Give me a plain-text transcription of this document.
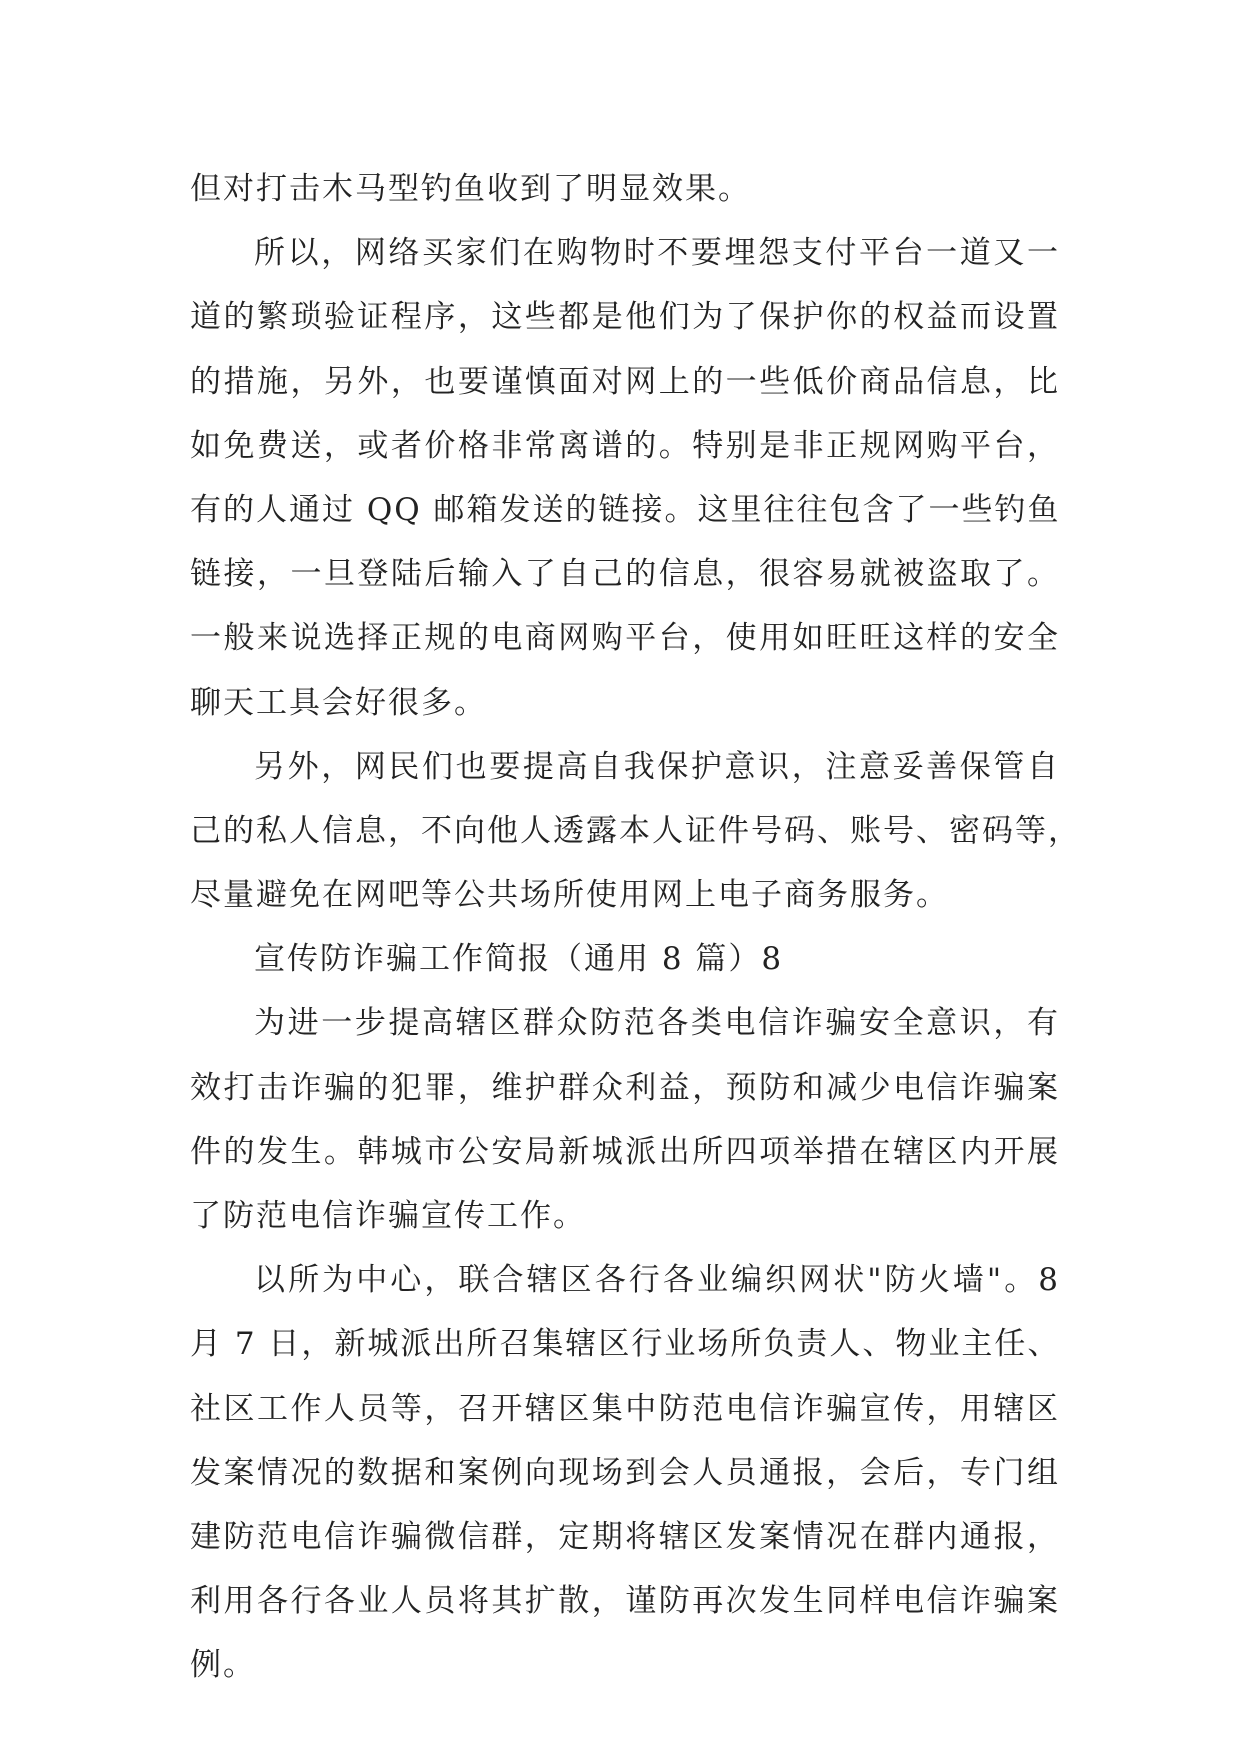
但对打击木马型钓鱼收到了明显效果。
所以，网络买家们在购物时不要埋怨支付平台一道又一
道的繁琐验证程序，这些都是他们为了保护你的权益而设置
的措施，另外，也要谨慎面对网上的一些低价商品信息，比
如免费送，或者价格非常离谱的。特别是非正规网购平台，
有的人通过 QQ 邮箱发送的链接。这里往往包含了一些钓鱼
链接，一旦登陆后输入了自己的信息，很容易就被盗取了。
一般来说选择正规的电商网购平台，使用如旺旺这样的安全
聊天工具会好很多。
另外，网民们也要提高自我保护意识，注意妥善保管自
己的私人信息，不向他人透露本人证件号码、账号、密码等，
尽量避免在网吧等公共场所使用网上电子商务服务。
宣传防诈骗工作简报（通用 8 篇）8
为进一步提高辖区群众防范各类电信诈骗安全意识，有
效打击诈骗的犯罪，维护群众利益，预防和减少电信诈骗案
件的发生。韩城市公安局新城派出所四项举措在辖区内开展
了防范电信诈骗宣传工作。
以所为中心，联合辖区各行各业编织网状"防火墙"。8
月 7 日，新城派出所召集辖区行业场所负责人、物业主任、
社区工作人员等，召开辖区集中防范电信诈骗宣传，用辖区
发案情况的数据和案例向现场到会人员通报，会后，专门组
建防范电信诈骗微信群，定期将辖区发案情况在群内通报，
利用各行各业人员将其扩散，谨防再次发生同样电信诈骗案
例。
